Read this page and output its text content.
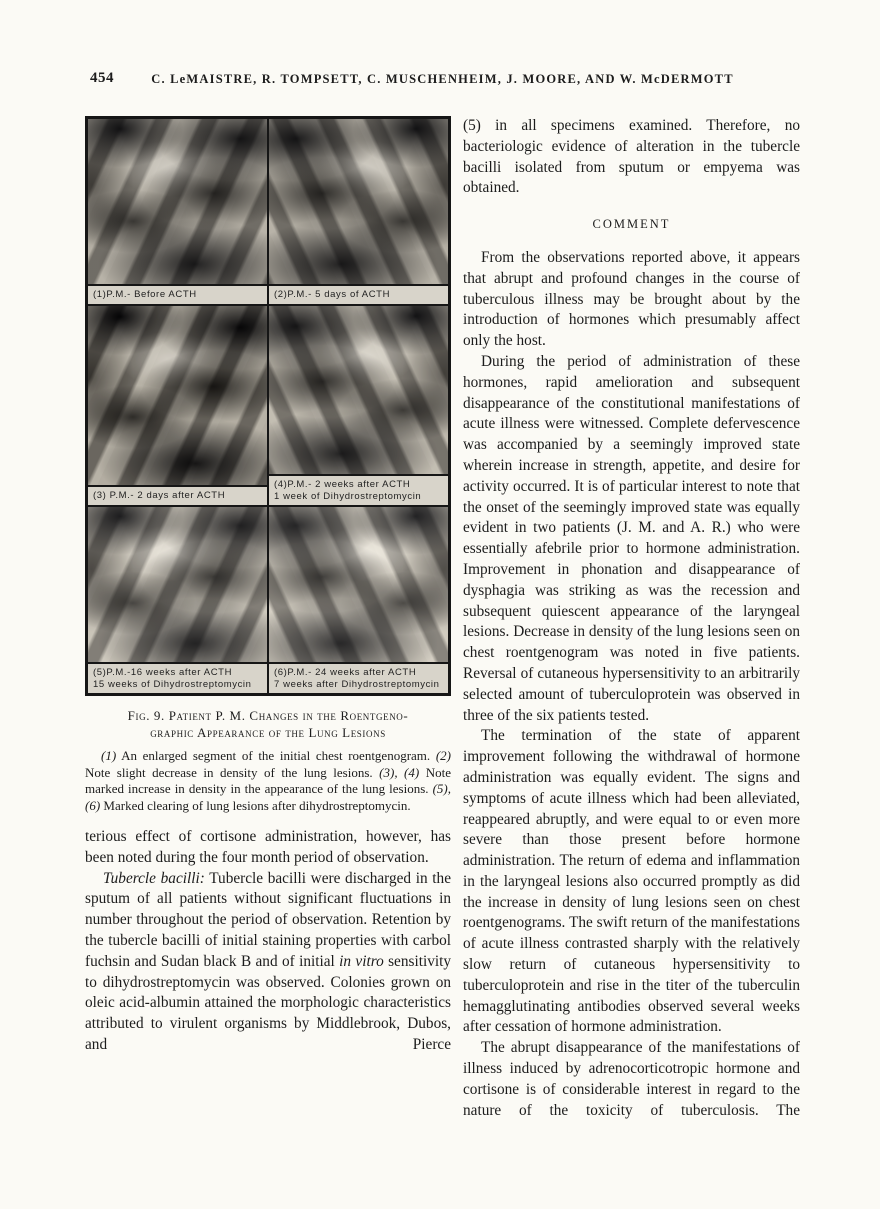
454	C. LeMAISTRE, R. TOMPSETT, C. MUSCHENHEIM, J. MOORE, AND W. McDERMOTT
(1)P.M.- Before ACTH	(2)P.M.- 5 days of ACTH
(3) P.M.- 2 days after ACTH
(4)P.M.- 2 weeks after ACTH
1 week of Dihydrostreptomycin
(5)P.M.-16 weeks after ACTH
15 weeks of Dihydrostreptomycin
(6)P.M.- 24 weeks after ACTH
7 weeks after Dihydrostreptomycin
Fig. 9. Patient P. M. Changes in the Roentgeno-
graphic Appearance of the Lung Lesions
(1) An enlarged segment of the initial chest roentgenogram. (2) Note slight decrease in density of the lung lesions. (3), (4) Note marked increase in density in the appearance of the lung lesions. (5), (6) Marked clearing of lung lesions after dihydrostreptomycin.

terious effect of cortisone administration, however, has been noted during the four month period of observation.

Tubercle bacilli: Tubercle bacilli were discharged in the sputum of all patients without significant fluctuations in number throughout the period of observation. Retention by the tubercle bacilli of initial staining properties with carbol fuchsin and Sudan black B and of initial in vitro sensitivity to dihydrostreptomycin was observed. Colonies grown on oleic acid-albumin attained the morphologic characteristics attributed to virulent organisms by Middlebrook, Dubos, and Pierce

(5) in all specimens examined. Therefore, no bacteriologic evidence of alteration in the tubercle bacilli isolated from sputum or empyema was obtained.

COMMENT

From the observations reported above, it appears that abrupt and profound changes in the course of tuberculous illness may be brought about by the introduction of hormones which presumably affect only the host.

During the period of administration of these hormones, rapid amelioration and subsequent disappearance of the constitutional manifestations of acute illness were witnessed. Complete defervescence was accompanied by a seemingly improved state wherein increase in strength, appetite, and desire for activity occurred. It is of particular interest to note that the onset of the seemingly improved state was equally evident in two patients (J. M. and A. R.) who were essentially afebrile prior to hormone administration. Improvement in phonation and disappearance of dysphagia was striking as was the recession and subsequent quiescent appearance of the laryngeal lesions. Decrease in density of the lung lesions seen on chest roentgenogram was noted in five patients. Reversal of cutaneous hypersensitivity to an arbitrarily selected amount of tuberculoprotein was observed in three of the six patients tested.

The termination of the state of apparent improvement following the withdrawal of hormone administration was equally evident. The signs and symptoms of acute illness which had been alleviated, reappeared abruptly, and were equal to or even more severe than those present before hormone administration. The return of edema and inflammation in the laryngeal lesions also occurred promptly as did the increase in density of lung lesions seen on chest roentgenograms. The swift return of the manifestations of acute illness contrasted sharply with the relatively slow return of cutaneous hypersensitivity to tuberculoprotein and rise in the titer of the tuberculin hemagglutinating antibodies observed several weeks after cessation of hormone administration.

The abrupt disappearance of the manifestations of illness induced by adrenocorticotropic hormone and cortisone is of considerable interest in regard to the nature of the toxicity of tuberculosis. The
